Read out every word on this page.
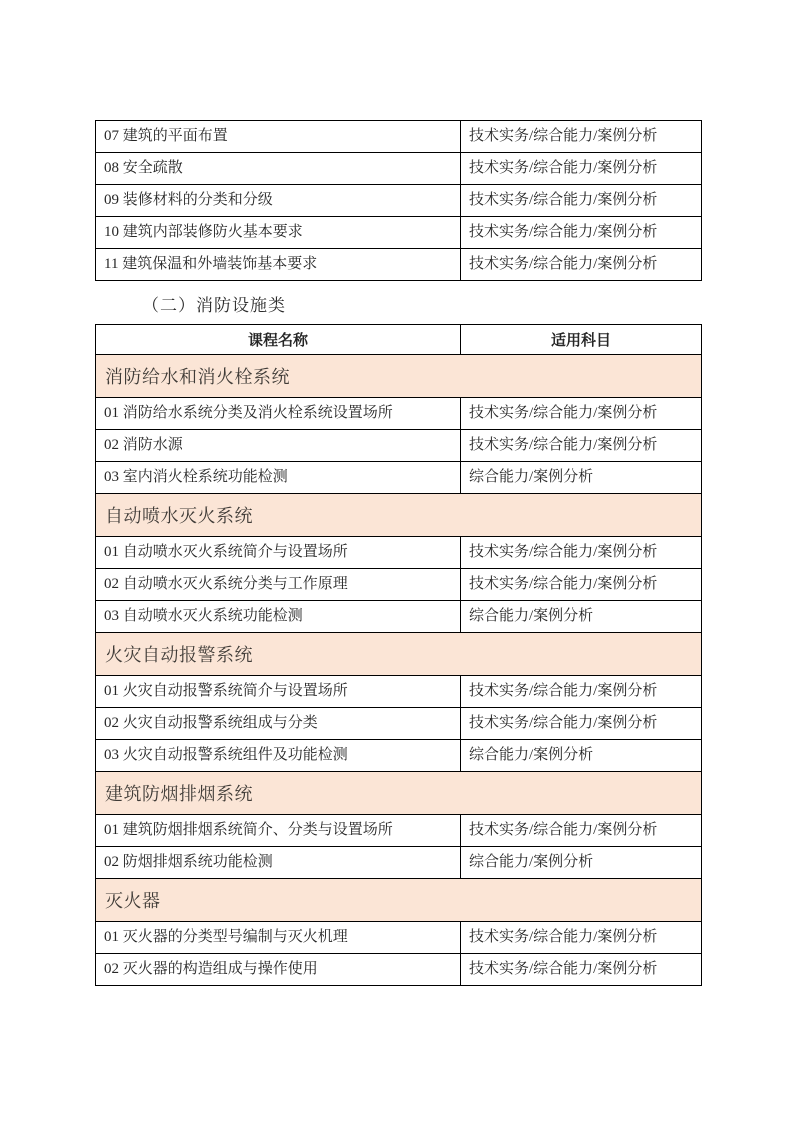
07 建筑的平面布置	技术实务/综合能力/案例分析
08 安全疏散	技术实务/综合能力/案例分析
09 装修材料的分类和分级	技术实务/综合能力/案例分析
10 建筑内部装修防火基本要求	技术实务/综合能力/案例分析
11 建筑保温和外墙装饰基本要求	技术实务/综合能力/案例分析
（二）消防设施类
课程名称	适用科目
消防给水和消火栓系统	
01 消防给水系统分类及消火栓系统设置场所	技术实务/综合能力/案例分析
02 消防水源	技术实务/综合能力/案例分析
03 室内消火栓系统功能检测	综合能力/案例分析
自动喷水灭火系统	
01 自动喷水灭火系统简介与设置场所	技术实务/综合能力/案例分析
02 自动喷水灭火系统分类与工作原理	技术实务/综合能力/案例分析
03 自动喷水灭火系统功能检测	综合能力/案例分析
火灾自动报警系统	
01 火灾自动报警系统简介与设置场所	技术实务/综合能力/案例分析
02 火灾自动报警系统组成与分类	技术实务/综合能力/案例分析
03 火灾自动报警系统组件及功能检测	综合能力/案例分析
建筑防烟排烟系统	
01 建筑防烟排烟系统简介、分类与设置场所	技术实务/综合能力/案例分析
02 防烟排烟系统功能检测	综合能力/案例分析
灭火器	
01 灭火器的分类型号编制与灭火机理	技术实务/综合能力/案例分析
02 灭火器的构造组成与操作使用	技术实务/综合能力/案例分析
